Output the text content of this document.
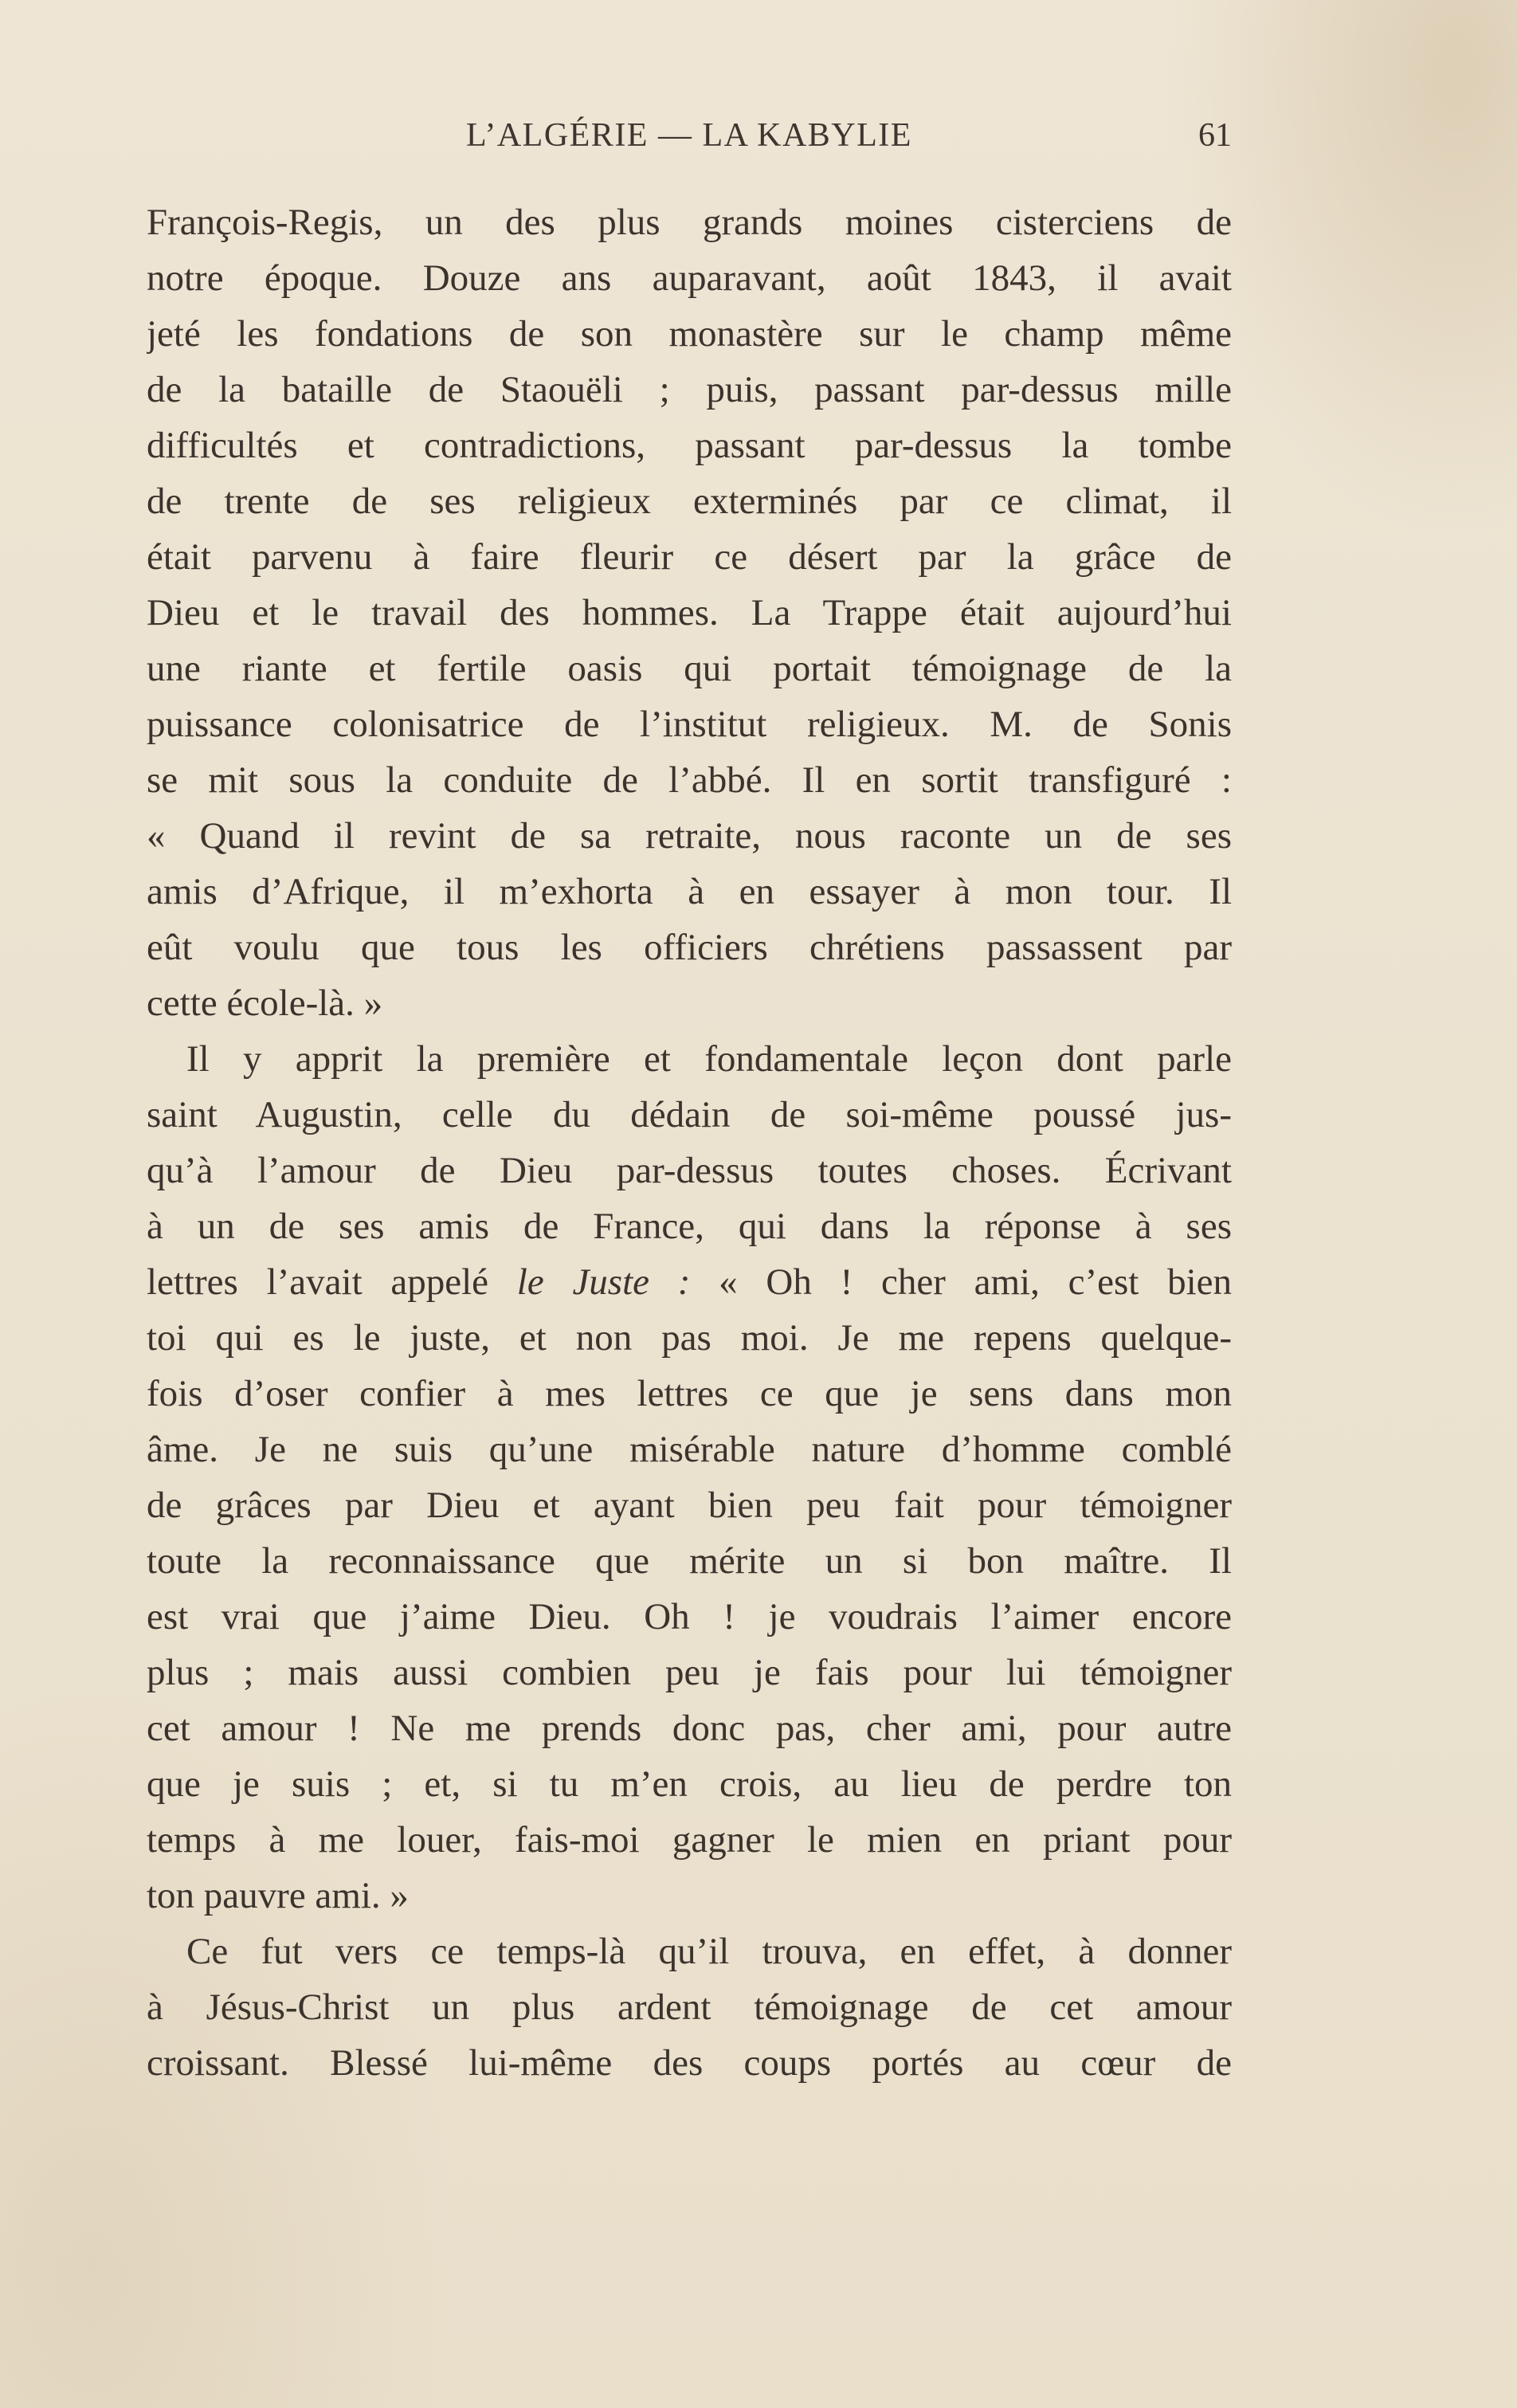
L’ALGÉRIE — LA KABYLIE	61
François-Regis, un des plus grands moines cisterciens de
notre époque. Douze ans auparavant, août 1843, il avait
jeté les fondations de son monastère sur le champ même
de la bataille de Staouëli ; puis, passant par-dessus mille
difficultés et contradictions, passant par-dessus la tombe
de trente de ses religieux exterminés par ce climat, il
était parvenu à faire fleurir ce désert par la grâce de
Dieu et le travail des hommes. La Trappe était aujourd’hui
une riante et fertile oasis qui portait témoignage de la
puissance colonisatrice de l’institut religieux. M. de Sonis
se mit sous la conduite de l’abbé. Il en sortit transfiguré :
« Quand il revint de sa retraite, nous raconte un de ses
amis d’Afrique, il m’exhorta à en essayer à mon tour. Il
eût voulu que tous les officiers chrétiens passassent par
cette école-là. »
Il y apprit la première et fondamentale leçon dont parle
saint Augustin, celle du dédain de soi-même poussé jus-
qu’à l’amour de Dieu par-dessus toutes choses. Écrivant
à un de ses amis de France, qui dans la réponse à ses
lettres l’avait appelé le Juste : « Oh ! cher ami, c’est bien
toi qui es le juste, et non pas moi. Je me repens quelque-
fois d’oser confier à mes lettres ce que je sens dans mon
âme. Je ne suis qu’une misérable nature d’homme comblé
de grâces par Dieu et ayant bien peu fait pour témoigner
toute la reconnaissance que mérite un si bon maître. Il
est vrai que j’aime Dieu. Oh ! je voudrais l’aimer encore
plus ; mais aussi combien peu je fais pour lui témoigner
cet amour ! Ne me prends donc pas, cher ami, pour autre
que je suis ; et, si tu m’en crois, au lieu de perdre ton
temps à me louer, fais-moi gagner le mien en priant pour
ton pauvre ami. »
Ce fut vers ce temps-là qu’il trouva, en effet, à donner
à Jésus-Christ un plus ardent témoignage de cet amour
croissant. Blessé lui-même des coups portés au cœur de
